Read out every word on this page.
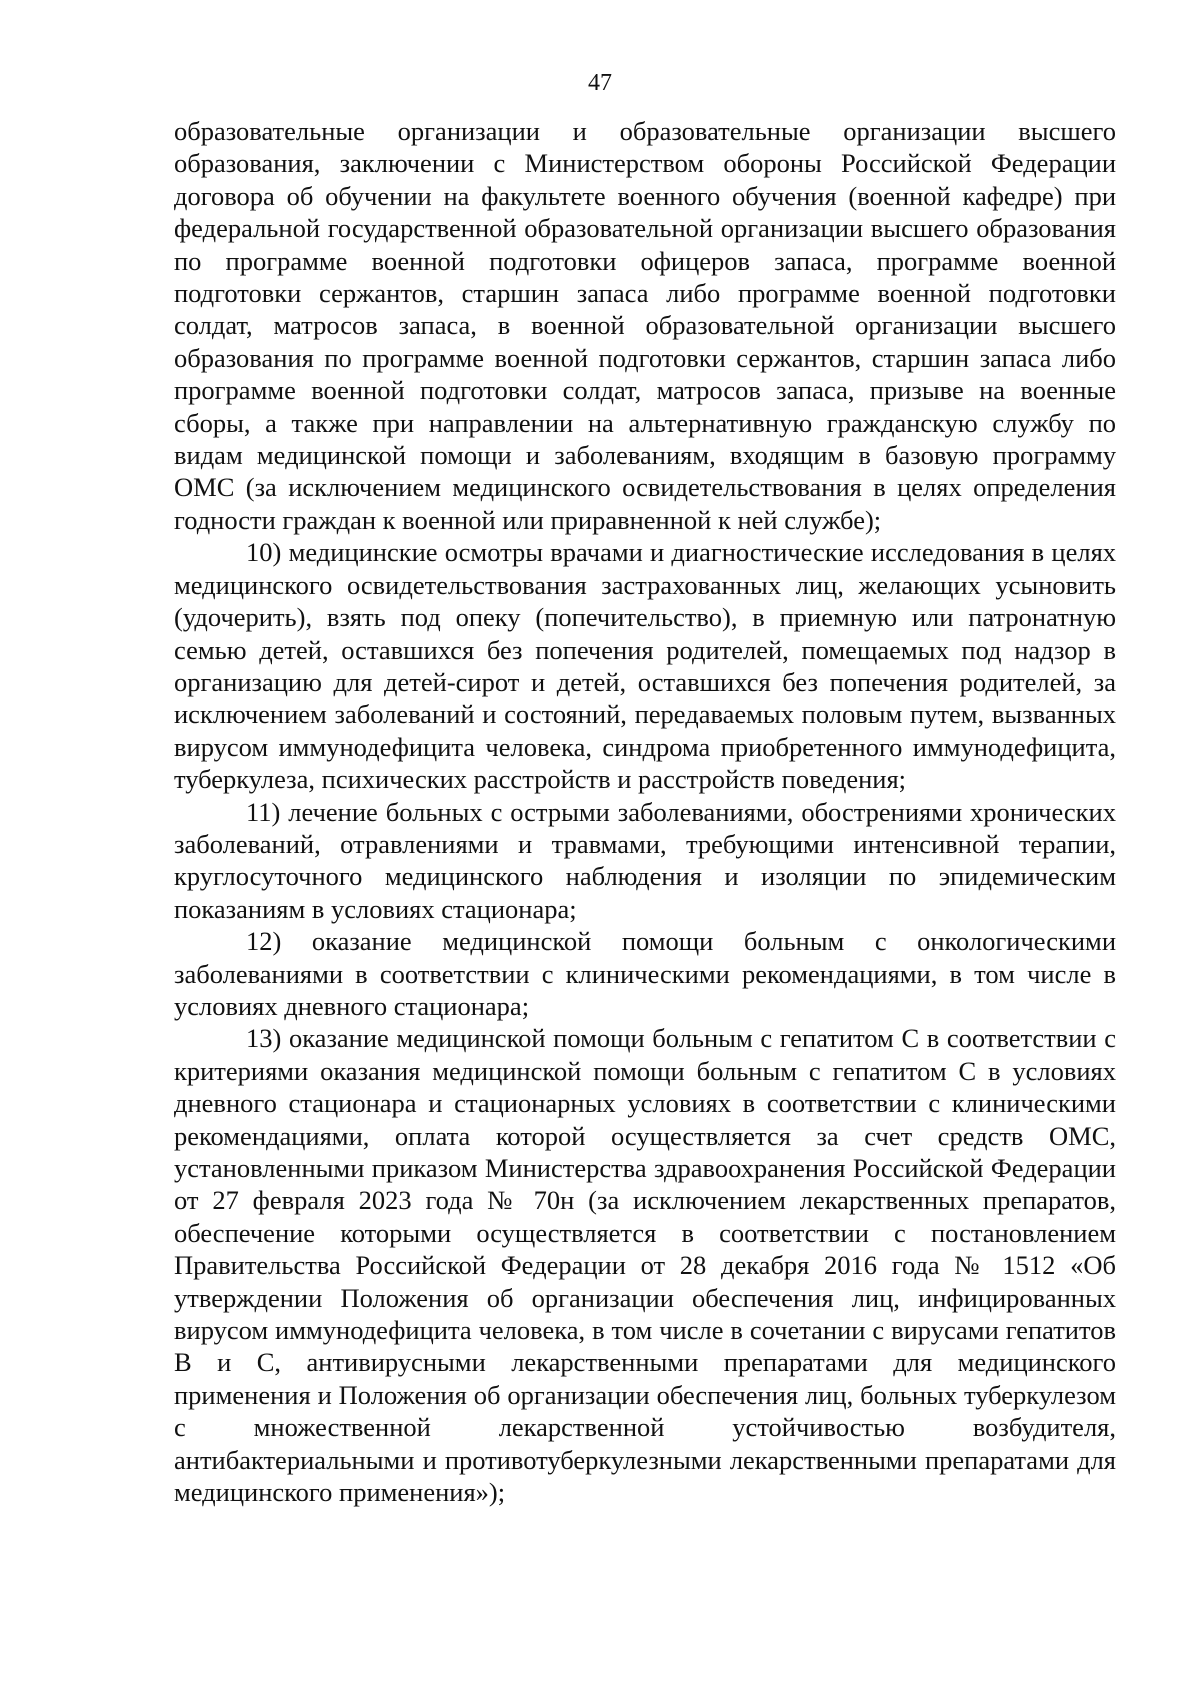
47

образовательные организации и образовательные организации высшего образования, заключении с Министерством обороны Российской Федерации договора об обучении на факультете военного обучения (военной кафедре) при федеральной государственной образовательной организации высшего образования по программе военной подготовки офицеров запаса, программе военной подготовки сержантов, старшин запаса либо программе военной подготовки солдат, матросов запаса, в военной образовательной организации высшего образования по программе военной подготовки сержантов, старшин запаса либо программе военной подготовки солдат, матросов запаса, призыве на военные сборы, а также при направлении на альтернативную гражданскую службу по видам медицинской помощи и заболеваниям, входящим в базовую программу ОМС (за исключением медицинского освидетельствования в целях определения годности граждан к военной или приравненной к ней службе);

10) медицинские осмотры врачами и диагностические исследования в целях медицинского освидетельствования застрахованных лиц, желающих усыновить (удочерить), взять под опеку (попечительство), в приемную или патронатную семью детей, оставшихся без попечения родителей, помещаемых под надзор в организацию для детей-сирот и детей, оставшихся без попечения родителей, за исключением заболеваний и состояний, передаваемых половым путем, вызванных вирусом иммунодефицита человека, синдрома приобретенного иммунодефицита, туберкулеза, психических расстройств и расстройств поведения;

11) лечение больных с острыми заболеваниями, обострениями хронических заболеваний, отравлениями и травмами, требующими интенсивной терапии, круглосуточного медицинского наблюдения и изоляции по эпидемическим показаниям в условиях стационара;

12) оказание медицинской помощи больным с онкологическими заболеваниями в соответствии с клиническими рекомендациями, в том числе в условиях дневного стационара;

13) оказание медицинской помощи больным с гепатитом С в соответствии с критериями оказания медицинской помощи больным с гепатитом С в условиях дневного стационара и стационарных условиях в соответствии с клиническими рекомендациями, оплата которой осуществляется за счет средств ОМС, установленными приказом Министерства здравоохранения Российской Федерации от 27 февраля 2023 года № 70н (за исключением лекарственных препаратов, обеспечение которыми осуществляется в соответствии с постановлением Правительства Российской Федерации от 28 декабря 2016 года № 1512 «Об утверждении Положения об организации обеспечения лиц, инфицированных вирусом иммунодефицита человека, в том числе в сочетании с вирусами гепатитов В и С, антивирусными лекарственными препаратами для медицинского применения и Положения об организации обеспечения лиц, больных туберкулезом с множественной лекарственной устойчивостью возбудителя, антибактериальными и противотуберкулезными лекарственными препаратами для медицинского применения»);
